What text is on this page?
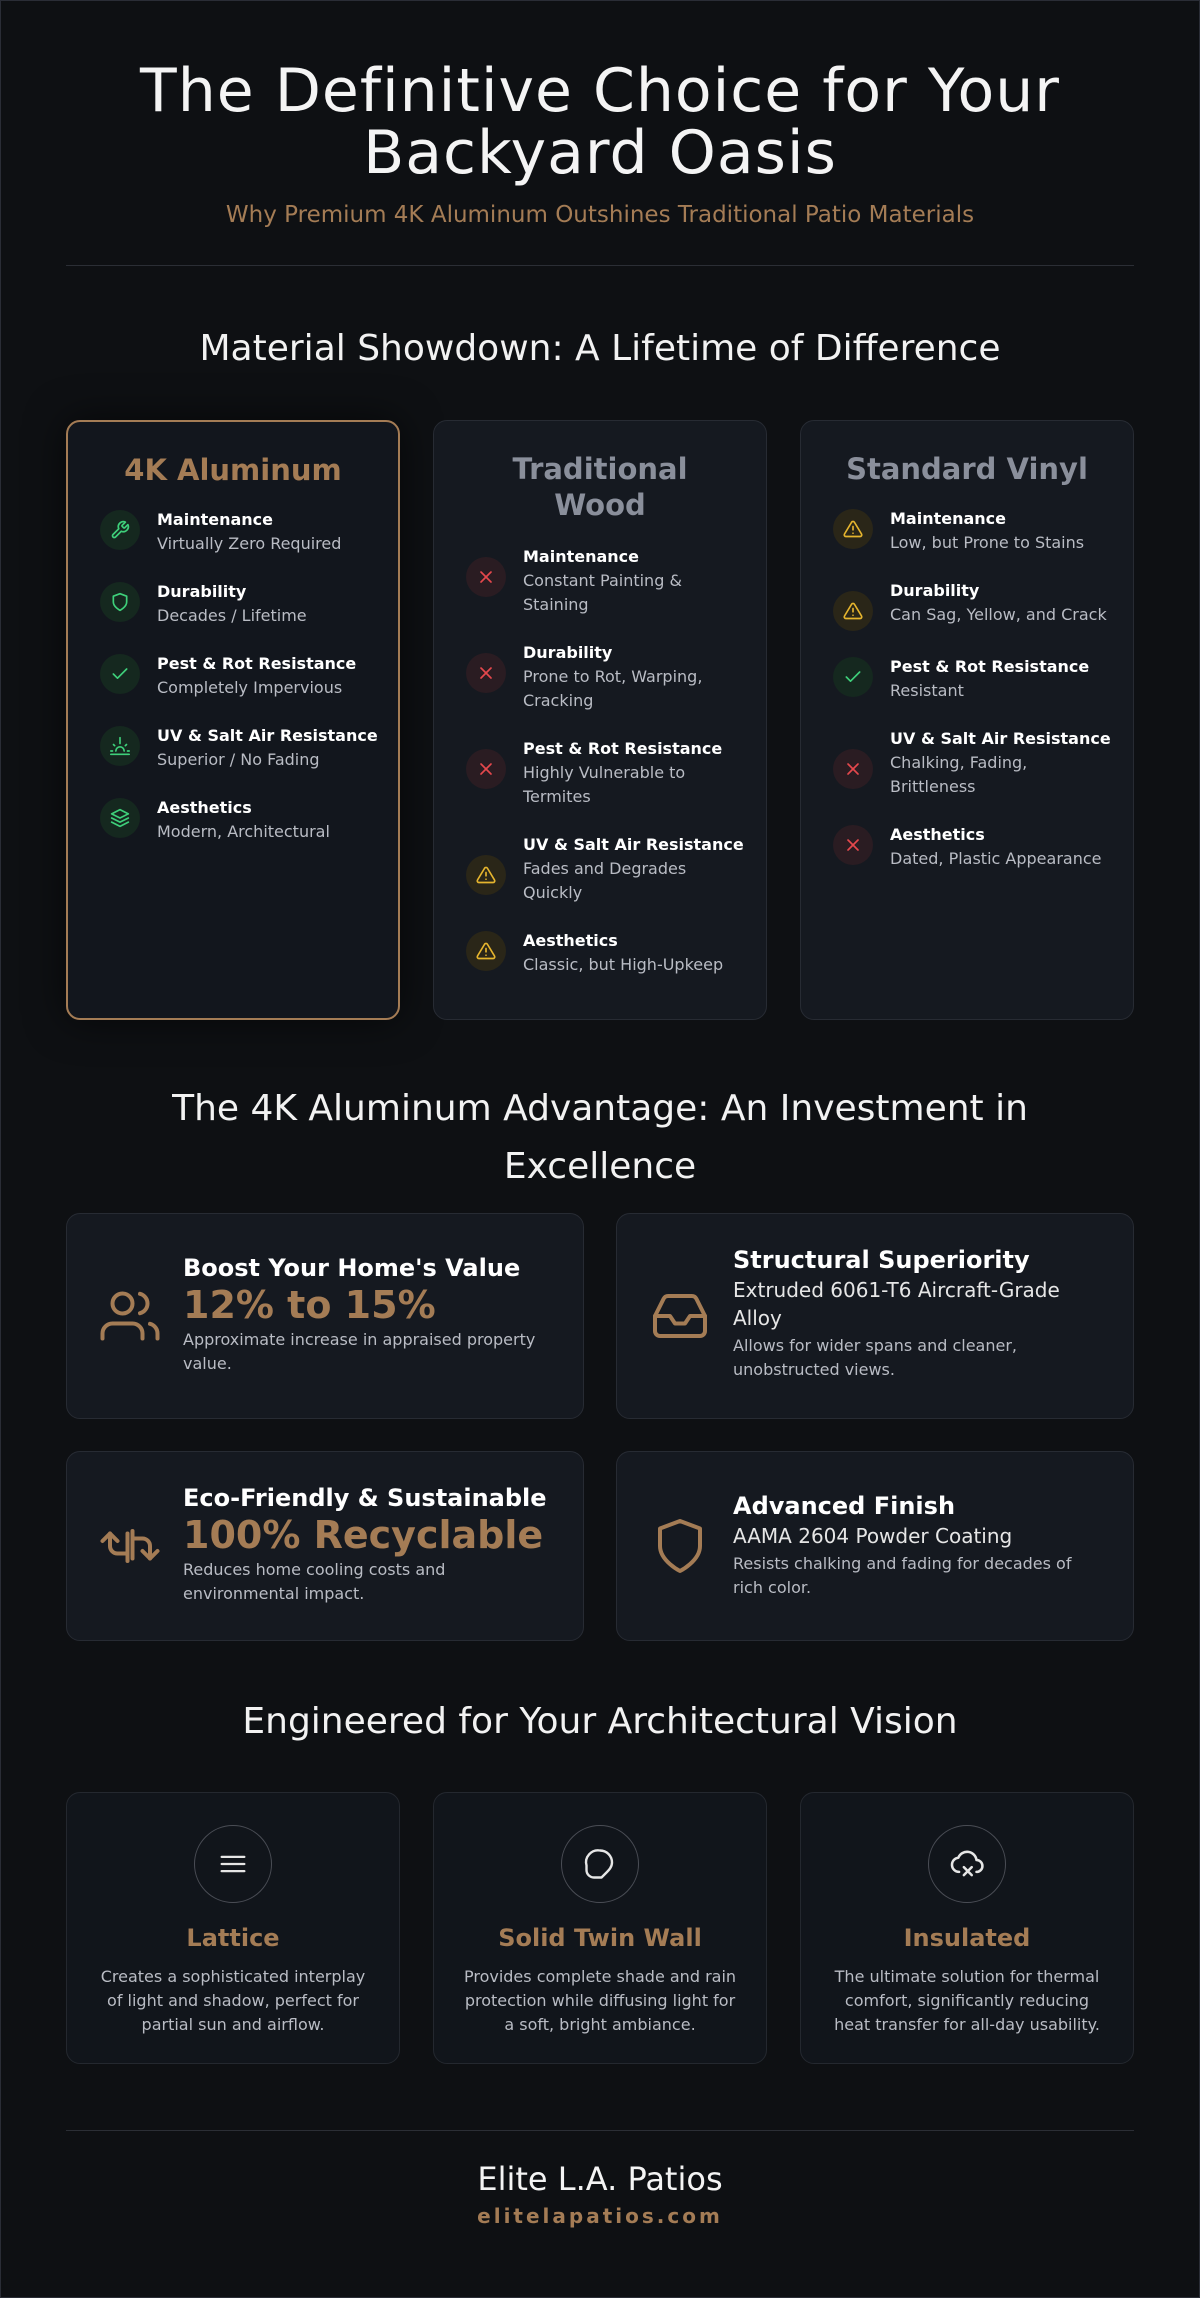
The Definitive Choice for Your
Backyard Oasis
Why Premium 4K Aluminum Outshines Traditional Patio Materials
Material Showdown: A Lifetime of Difference
4K Aluminum
Maintenance
Virtually Zero Required
Durability
Decades / Lifetime
Pest & Rot Resistance
Completely Impervious
UV & Salt Air Resistance
Superior / No Fading
Aesthetics
Modern, Architectural
Traditional
Wood
Maintenance
Constant Painting & Staining
Durability
Prone to Rot, Warping, Cracking
Pest & Rot Resistance
Highly Vulnerable to Termites
UV & Salt Air Resistance
Fades and Degrades Quickly
Aesthetics
Classic, but High-Upkeep
Standard Vinyl
Maintenance
Low, but Prone to Stains
Durability
Can Sag, Yellow, and Crack
Pest & Rot Resistance
Resistant
UV & Salt Air Resistance
Chalking, Fading, Brittleness
Aesthetics
Dated, Plastic Appearance
The 4K Aluminum Advantage: An Investment in
Excellence
Boost Your Home's Value
12% to 15%
Approximate increase in appraised property value.
Structural Superiority
Extruded 6061-T6 Aircraft-Grade Alloy
Allows for wider spans and cleaner, unobstructed views.
Eco-Friendly & Sustainable
100% Recyclable
Reduces home cooling costs and environmental impact.
Advanced Finish
AAMA 2604 Powder Coating
Resists chalking and fading for decades of rich color.
Engineered for Your Architectural Vision
Lattice
Creates a sophisticated interplay of light and shadow, perfect for partial sun and airflow.
Solid Twin Wall
Provides complete shade and rain protection while diffusing light for a soft, bright ambiance.
Insulated
The ultimate solution for thermal comfort, significantly reducing heat transfer for all-day usability.
Elite L.A. Patios
elitelapatios.com
